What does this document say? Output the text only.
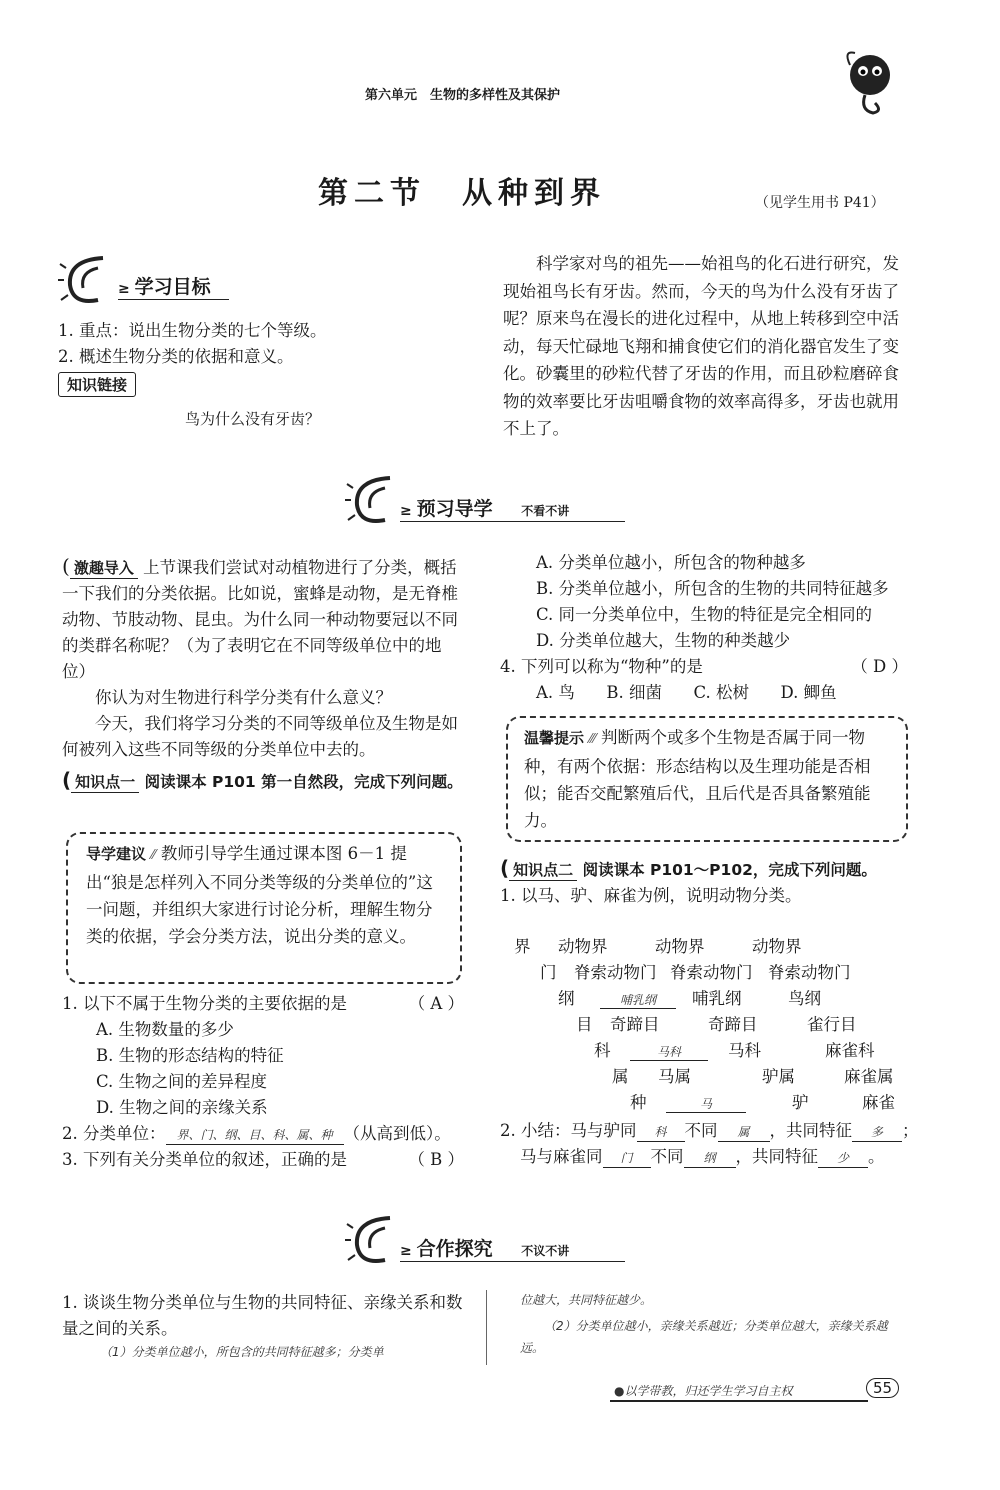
第六单元　生物的多样性及其保护
第二节　从种到界	（见学生用书 P41）
≥ 学习目标

1. 重点：说出生物分类的七个等级。

2. 概述生物分类的依据和意义。

知识链接
鸟为什么没有牙齿？

科学家对鸟的祖先——始祖鸟的化石进行研究，发现始祖鸟长有牙齿。然而，今天的鸟为什么没有牙齿了呢？原来鸟在漫长的进化过程中，从地上转移到空中活动，每天忙碌地飞翔和捕食使它们的消化器官发生了变化。砂囊里的砂粒代替了牙齿的作用，而且砂粒磨碎食物的效率要比牙齿咀嚼食物的效率高得多，牙齿也就用不上了。

≥ 预习导学 不看不讲

( 激趣导入 上节课我们尝试对动植物进行了分类，概括一下我们的分类依据。比如说，蜜蜂是动物，是无脊椎动物、节肢动物、昆虫。为什么同一种动物要冠以不同的类群名称呢？（为了表明它在不同等级单位中的地位）

你认为对生物进行科学分类有什么意义？

今天，我们将学习分类的不同等级单位及生物是如何被列入这些不同等级的分类单位中去的。

( 知识点一 阅读课本 P101 第一自然段，完成下列问题。

导学建议 ⁄⁄ 教师引导学生通过课本图 6－1 提出“狼是怎样列入不同分类等级的分类单位的”这一问题，并组织大家进行讨论分析，理解生物分类的依据，学会分类方法，说出分类的意义。

1. 以下不属于生物分类的主要依据的是	（ A ）

A. 生物数量的多少

B. 生物的形态结构的特征

C. 生物之间的差异程度

D. 生物之间的亲缘关系

2. 分类单位： 界、门、纲、目、科、属、种 （从高到低）。

3. 下列有关分类单位的叙述，正确的是	（ B ）

A. 分类单位越小，所包含的物种越多

B. 分类单位越小，所包含的生物的共同特征越多

C. 同一分类单位中，生物的特征是完全相同的

D. 分类单位越大，生物的种类越少

4. 下列可以称为“物种”的是	（ D ）

A. 鸟 B. 细菌 C. 松树 D. 鲫鱼

温馨提示 ⁄⁄⁄ 判断两个或多个生物是否属于同一物种，有两个依据：形态结构以及生理功能是否相似；能否交配繁殖后代，且后代是否具备繁殖能力。

( 知识点二 阅读课本 P101～P102，完成下列问题。

1. 以马、驴、麻雀为例，说明动物分类。

界 动物界	动物界	动物界
门 脊索动物门 脊索动物门 脊索动物门
纲	哺乳纲	哺乳纲	鸟纲
目 奇蹄目	奇蹄目	雀行目
科	马科	马科	麻雀科
属 马属	驴属	麻雀属
种	马	驴	麻雀

2. 小结：马与驴同 科 不同 属 ，共同特征 多 ；

马与麻雀同 门 不同 纲 ，共同特征 少 。

≥ 合作探究 不议不讲

1. 谈谈生物分类单位与生物的共同特征、亲缘关系和数量之间的关系。

（1）分类单位越小，所包含的共同特征越多；分类单

位越大，共同特征越少。

（2）分类单位越小，亲缘关系越近；分类单位越大，亲缘关系越远。

●以学带教，归还学生学习自主权	55
